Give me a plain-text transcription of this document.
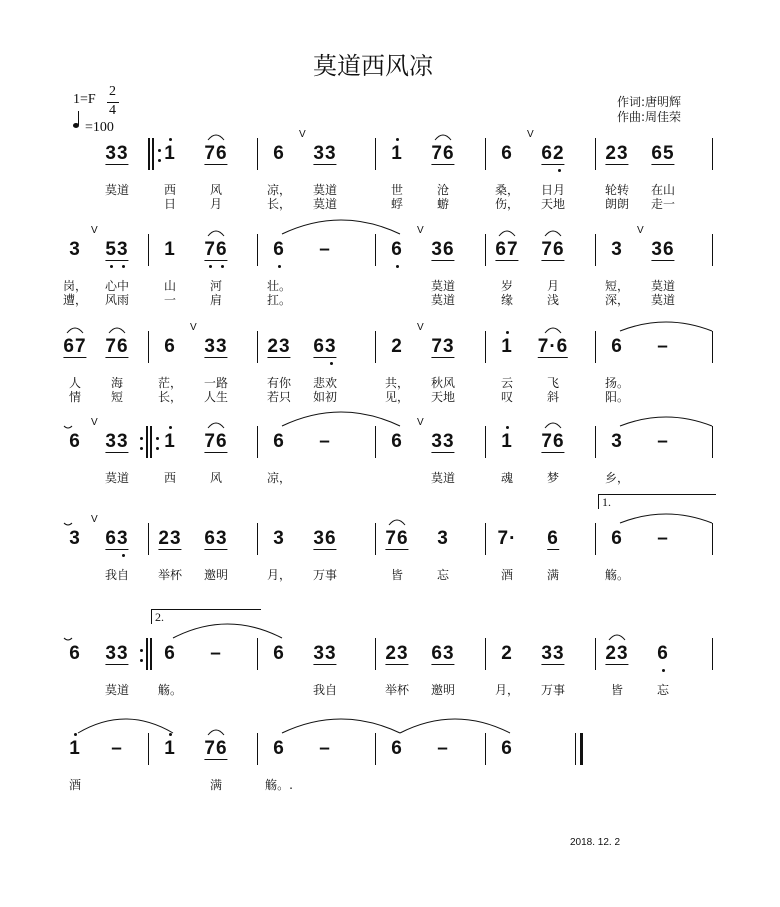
莫道西风凉
1=F
2
4
=100
作词:唐明辉
作曲:周佳荣
2018. 12. 2
33
莫道
1
西
日
76
风
月
6
凉，
长，
33
V
莫道
莫道
1
世
蜉
76
沧
蝣
6
桑，
伤，
62
V
日月
天地
23
轮转
朗朗
65
在山
走一
3
岗，
遭，
53
V
心中
风雨
1
山
一
76
河
肩
6
壮。
扛。
–	6 36
V
莫道
莫道
67
岁
缘
76
月
浅
3
短，
深，
36
V
莫道
莫道
67
人
情
76
海
短
6
茫，
长，
33
V
一路
人生
23
有你
若只
63
悲欢
如初
2
共，
见，
73
V
秋风
天地
1
云
叹
7·6
飞
斜
6
扬。
阳。
–
6 33
V
莫道
1
西
76
风
6
凉，
–	6 33
V
莫道
1
魂
76
梦
3
乡，
–
3 63
V
我自
23
举杯
63
邀明
3
月，
36
万事
76
皆
3
忘
7·
酒
6
满
1.
6
觞。
–
6 33
莫道
2.
6
觞。
–	6 33
我自
23
举杯
63
邀明
2
月，
33
万事
23
皆
6
忘
1
酒
– 1 76
满
6
觞。.
–	6 –	6
